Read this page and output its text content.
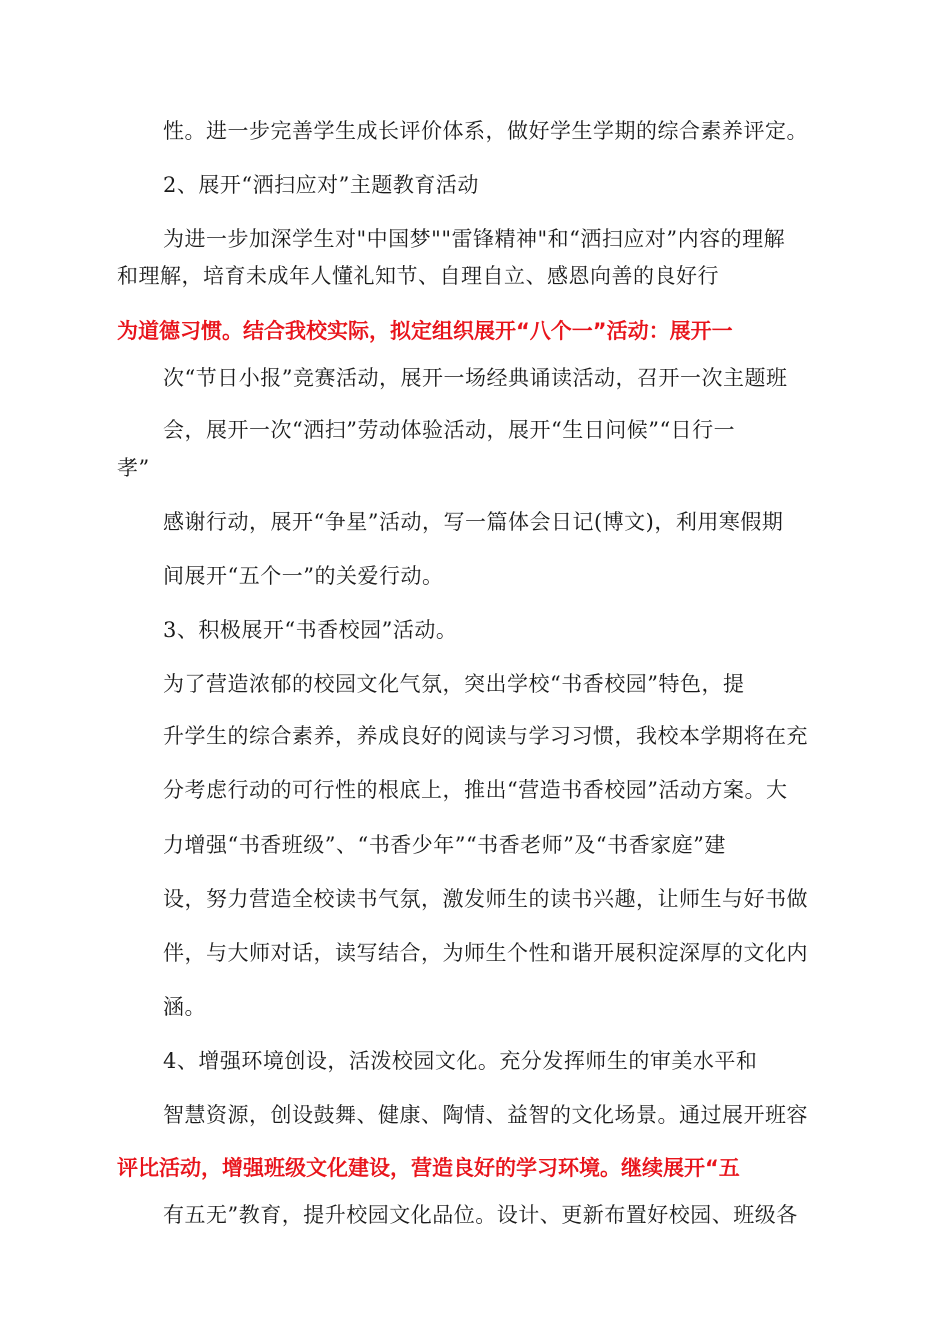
性。进一步完善学生成长评价体系，做好学生学期的综合素养评定。
2、展开“洒扫应对”主题教育活动
为进一步加深学生对"中国梦""雷锋精神"和“洒扫应对”内容的理解
和理解，培育未成年人懂礼知节、自理自立、感恩向善的良好行
为道德习惯。结合我校实际，拟定组织展开“八个一”活动：展开一
次“节日小报”竞赛活动，展开一场经典诵读活动，召开一次主题班
会，展开一次“洒扫”劳动体验活动，展开“生日问候”“日行一
孝”
感谢行动，展开“争星”活动，写一篇体会日记(博文)，利用寒假期
间展开“五个一”的关爱行动。
3、积极展开“书香校园”活动。
为了营造浓郁的校园文化气氛，突出学校“书香校园”特色，提
升学生的综合素养，养成良好的阅读与学习习惯，我校本学期将在充
分考虑行动的可行性的根底上，推出“营造书香校园”活动方案。大
力增强“书香班级”、“书香少年”“书香老师”及“书香家庭”建
设，努力营造全校读书气氛，激发师生的读书兴趣，让师生与好书做
伴，与大师对话，读写结合，为师生个性和谐开展积淀深厚的文化内
涵。
4、增强环境创设，活泼校园文化。充分发挥师生的审美水平和
智慧资源，创设鼓舞、健康、陶情、益智的文化场景。通过展开班容
评比活动，增强班级文化建设，营造良好的学习环境。继续展开“五
有五无”教育，提升校园文化品位。设计、更新布置好校园、班级各
